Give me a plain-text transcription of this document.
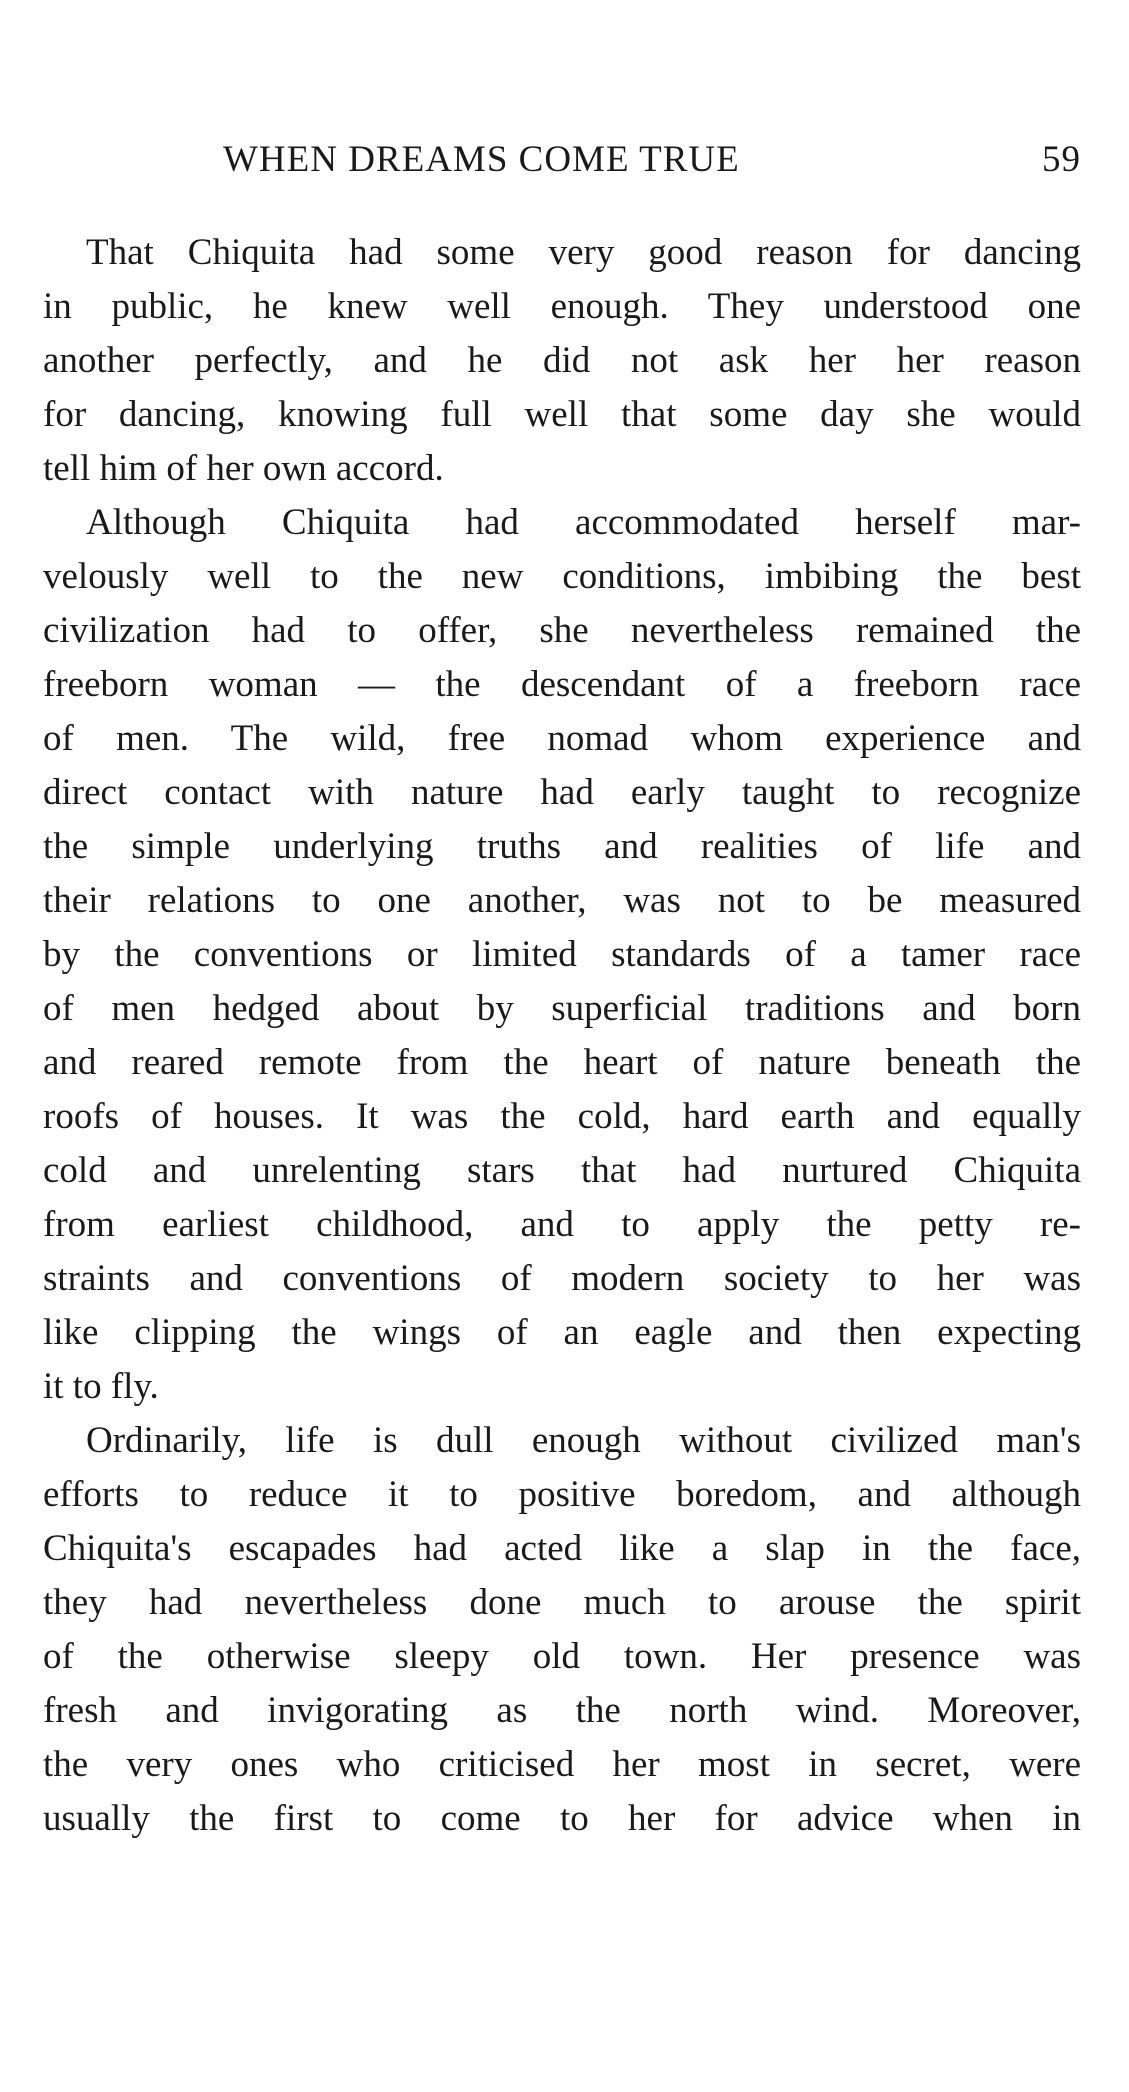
WHEN DREAMS COME TRUE	59
That Chiquita had some very good reason for dancing
in public, he knew well enough. They understood one
another perfectly, and he did not ask her her reason
for dancing, knowing full well that some day she would
tell him of her own accord.
Although Chiquita had accommodated herself mar-
velously well to the new conditions, imbibing the best
civilization had to offer, she nevertheless remained the
freeborn woman — the descendant of a freeborn race
of men. The wild, free nomad whom experience and
direct contact with nature had early taught to recognize
the simple underlying truths and realities of life and
their relations to one another, was not to be measured
by the conventions or limited standards of a tamer race
of men hedged about by superficial traditions and born
and reared remote from the heart of nature beneath the
roofs of houses. It was the cold, hard earth and equally
cold and unrelenting stars that had nurtured Chiquita
from earliest childhood, and to apply the petty re-
straints and conventions of modern society to her was
like clipping the wings of an eagle and then expecting
it to fly.
Ordinarily, life is dull enough without civilized man's
efforts to reduce it to positive boredom, and although
Chiquita's escapades had acted like a slap in the face,
they had nevertheless done much to arouse the spirit
of the otherwise sleepy old town. Her presence was
fresh and invigorating as the north wind. Moreover,
the very ones who criticised her most in secret, were
usually the first to come to her for advice when in
